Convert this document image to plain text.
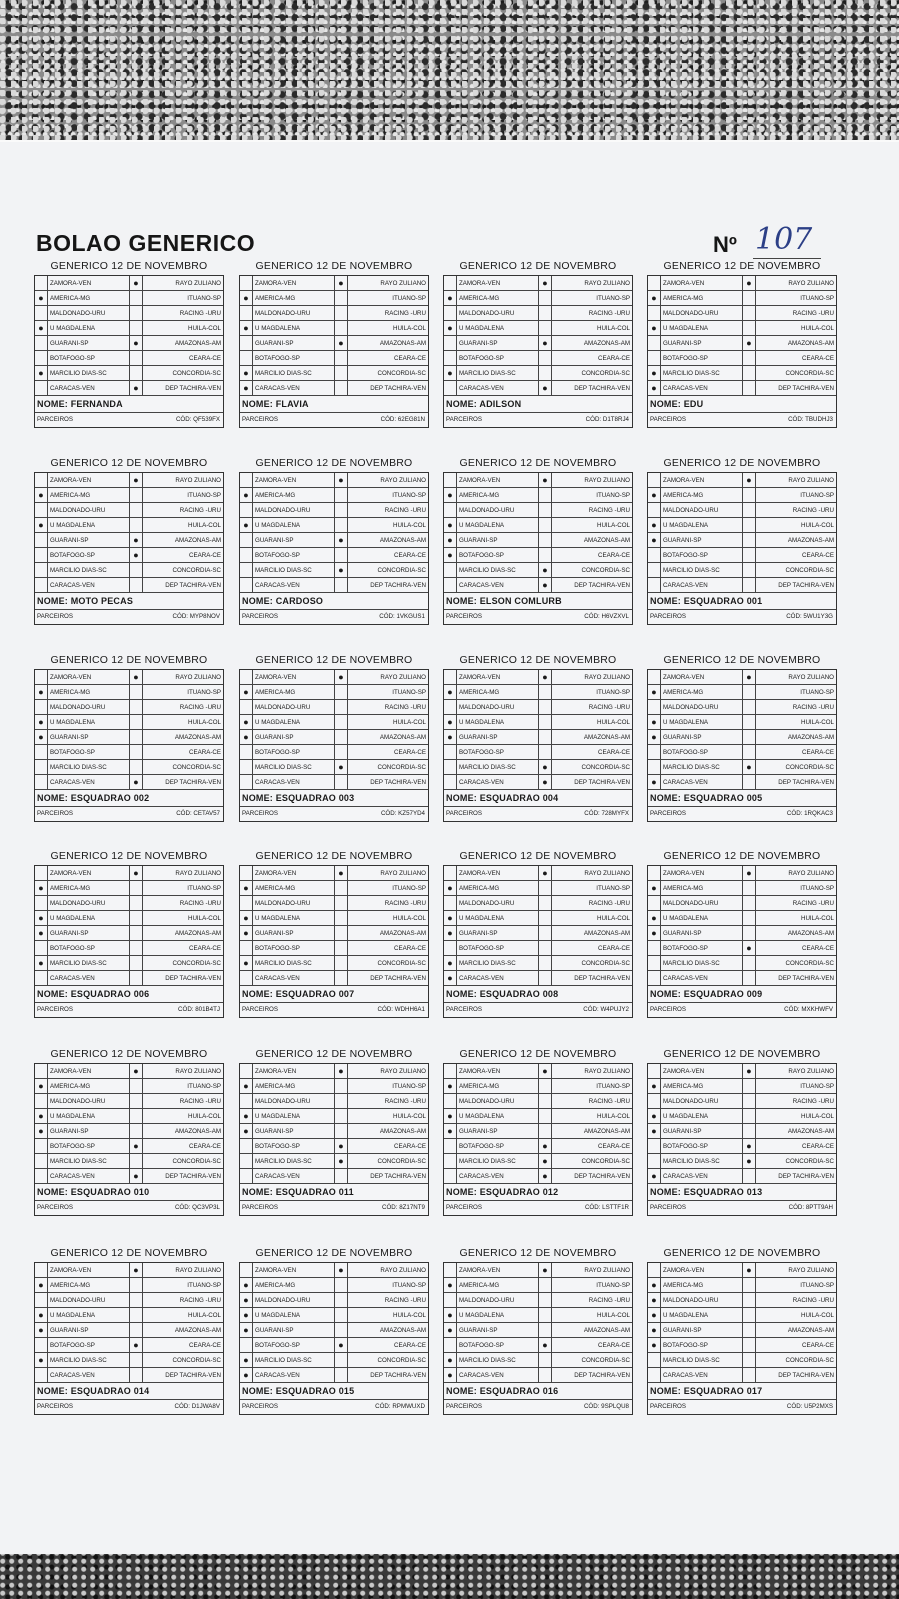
BOLAO GENERICO	Nº 107
GENERICO 12 DE NOVEMBRO
ZAMORA-VEN	●	RAYO ZULIANO
●	AMERICA-MG	ITUANO-SP
MALDONADO-URU	RACING -URU
●	U MAGDALENA	HUILA-COL
GUARANI-SP	●	AMAZONAS-AM
BOTAFOGO-SP	CEARA-CE
●	MARCILIO DIAS-SC	CONCORDIA-SC
CARACAS-VEN	●	DEP TACHIRA-VEN
NOME: FERNANDA
PARCEIROS	CÓD: QF539FX
GENERICO 12 DE NOVEMBRO
ZAMORA-VEN	●	RAYO ZULIANO
●	AMERICA-MG	ITUANO-SP
MALDONADO-URU	RACING -URU
●	U MAGDALENA	HUILA-COL
GUARANI-SP	●	AMAZONAS-AM
BOTAFOGO-SP	CEARA-CE
●	MARCILIO DIAS-SC	CONCORDIA-SC
●	CARACAS-VEN	DEP TACHIRA-VEN
NOME: FLAVIA
PARCEIROS	CÓD: 62EG81N
GENERICO 12 DE NOVEMBRO
ZAMORA-VEN	●	RAYO ZULIANO
●	AMERICA-MG	ITUANO-SP
MALDONADO-URU	RACING -URU
●	U MAGDALENA	HUILA-COL
GUARANI-SP	●	AMAZONAS-AM
BOTAFOGO-SP	CEARA-CE
●	MARCILIO DIAS-SC	CONCORDIA-SC
CARACAS-VEN	●	DEP TACHIRA-VEN
NOME: ADILSON
PARCEIROS	CÓD: D1T8RJ4
GENERICO 12 DE NOVEMBRO
ZAMORA-VEN	●	RAYO ZULIANO
●	AMERICA-MG	ITUANO-SP
MALDONADO-URU	RACING -URU
●	U MAGDALENA	HUILA-COL
GUARANI-SP	●	AMAZONAS-AM
BOTAFOGO-SP	CEARA-CE
●	MARCILIO DIAS-SC	CONCORDIA-SC
●	CARACAS-VEN	DEP TACHIRA-VEN
NOME: EDU
PARCEIROS	CÓD: TBUDHJ3
GENERICO 12 DE NOVEMBRO
ZAMORA-VEN	●	RAYO ZULIANO
●	AMERICA-MG	ITUANO-SP
MALDONADO-URU	RACING -URU
●	U MAGDALENA	HUILA-COL
GUARANI-SP	●	AMAZONAS-AM
BOTAFOGO-SP	●	CEARA-CE
MARCILIO DIAS-SC	CONCORDIA-SC
CARACAS-VEN	DEP TACHIRA-VEN
NOME: MOTO PECAS
PARCEIROS	CÓD: MYP8NOV
GENERICO 12 DE NOVEMBRO
ZAMORA-VEN	●	RAYO ZULIANO
●	AMERICA-MG	ITUANO-SP
MALDONADO-URU	RACING -URU
●	U MAGDALENA	HUILA-COL
GUARANI-SP	●	AMAZONAS-AM
BOTAFOGO-SP	CEARA-CE
MARCILIO DIAS-SC	●	CONCORDIA-SC
CARACAS-VEN	DEP TACHIRA-VEN
NOME: CARDOSO
PARCEIROS	CÓD: 1VKGUS1
GENERICO 12 DE NOVEMBRO
ZAMORA-VEN	●	RAYO ZULIANO
●	AMERICA-MG	ITUANO-SP
MALDONADO-URU	RACING -URU
●	U MAGDALENA	HUILA-COL
●	GUARANI-SP	AMAZONAS-AM
●	BOTAFOGO-SP	CEARA-CE
MARCILIO DIAS-SC	●	CONCORDIA-SC
CARACAS-VEN	●	DEP TACHIRA-VEN
NOME: ELSON COMLURB
PARCEIROS	CÓD: H6VZXVL
GENERICO 12 DE NOVEMBRO
ZAMORA-VEN	●	RAYO ZULIANO
●	AMERICA-MG	ITUANO-SP
MALDONADO-URU	RACING -URU
●	U MAGDALENA	HUILA-COL
●	GUARANI-SP	AMAZONAS-AM
BOTAFOGO-SP	CEARA-CE
MARCILIO DIAS-SC	CONCORDIA-SC
CARACAS-VEN	DEP TACHIRA-VEN
NOME: ESQUADRAO 001
PARCEIROS	CÓD: 5WU1Y3G
GENERICO 12 DE NOVEMBRO
ZAMORA-VEN	●	RAYO ZULIANO
●	AMERICA-MG	ITUANO-SP
MALDONADO-URU	RACING -URU
●	U MAGDALENA	HUILA-COL
●	GUARANI-SP	AMAZONAS-AM
BOTAFOGO-SP	CEARA-CE
MARCILIO DIAS-SC	CONCORDIA-SC
CARACAS-VEN	●	DEP TACHIRA-VEN
NOME: ESQUADRAO 002
PARCEIROS	CÓD: CETAV57
GENERICO 12 DE NOVEMBRO
ZAMORA-VEN	●	RAYO ZULIANO
●	AMERICA-MG	ITUANO-SP
MALDONADO-URU	RACING -URU
●	U MAGDALENA	HUILA-COL
●	GUARANI-SP	AMAZONAS-AM
BOTAFOGO-SP	CEARA-CE
MARCILIO DIAS-SC	●	CONCORDIA-SC
CARACAS-VEN	DEP TACHIRA-VEN
NOME: ESQUADRAO 003
PARCEIROS	CÓD: KZ57YD4
GENERICO 12 DE NOVEMBRO
ZAMORA-VEN	●	RAYO ZULIANO
●	AMERICA-MG	ITUANO-SP
MALDONADO-URU	RACING -URU
●	U MAGDALENA	HUILA-COL
●	GUARANI-SP	AMAZONAS-AM
BOTAFOGO-SP	CEARA-CE
MARCILIO DIAS-SC	●	CONCORDIA-SC
CARACAS-VEN	●	DEP TACHIRA-VEN
NOME: ESQUADRAO 004
PARCEIROS	CÓD: 728MYFX
GENERICO 12 DE NOVEMBRO
ZAMORA-VEN	●	RAYO ZULIANO
●	AMERICA-MG	ITUANO-SP
MALDONADO-URU	RACING -URU
●	U MAGDALENA	HUILA-COL
●	GUARANI-SP	AMAZONAS-AM
BOTAFOGO-SP	CEARA-CE
MARCILIO DIAS-SC	●	CONCORDIA-SC
●	CARACAS-VEN	DEP TACHIRA-VEN
NOME: ESQUADRAO 005
PARCEIROS	CÓD: 1RQKAC3
GENERICO 12 DE NOVEMBRO
ZAMORA-VEN	●	RAYO ZULIANO
●	AMERICA-MG	ITUANO-SP
MALDONADO-URU	RACING -URU
●	U MAGDALENA	HUILA-COL
●	GUARANI-SP	AMAZONAS-AM
BOTAFOGO-SP	CEARA-CE
●	MARCILIO DIAS-SC	CONCORDIA-SC
CARACAS-VEN	DEP TACHIRA-VEN
NOME: ESQUADRAO 006
PARCEIROS	CÓD: 801B4TJ
GENERICO 12 DE NOVEMBRO
ZAMORA-VEN	●	RAYO ZULIANO
●	AMERICA-MG	ITUANO-SP
MALDONADO-URU	RACING -URU
●	U MAGDALENA	HUILA-COL
●	GUARANI-SP	AMAZONAS-AM
BOTAFOGO-SP	CEARA-CE
●	MARCILIO DIAS-SC	CONCORDIA-SC
CARACAS-VEN	DEP TACHIRA-VEN
NOME: ESQUADRAO 007
PARCEIROS	CÓD: WDHH6A1
GENERICO 12 DE NOVEMBRO
ZAMORA-VEN	●	RAYO ZULIANO
●	AMERICA-MG	ITUANO-SP
MALDONADO-URU	RACING -URU
●	U MAGDALENA	HUILA-COL
●	GUARANI-SP	AMAZONAS-AM
BOTAFOGO-SP	CEARA-CE
●	MARCILIO DIAS-SC	CONCORDIA-SC
●	CARACAS-VEN	DEP TACHIRA-VEN
NOME: ESQUADRAO 008
PARCEIROS	CÓD: W4PUJY2
GENERICO 12 DE NOVEMBRO
ZAMORA-VEN	●	RAYO ZULIANO
●	AMERICA-MG	ITUANO-SP
MALDONADO-URU	RACING -URU
●	U MAGDALENA	HUILA-COL
●	GUARANI-SP	AMAZONAS-AM
BOTAFOGO-SP	●	CEARA-CE
MARCILIO DIAS-SC	CONCORDIA-SC
CARACAS-VEN	DEP TACHIRA-VEN
NOME: ESQUADRAO 009
PARCEIROS	CÓD: MXKHWFV
GENERICO 12 DE NOVEMBRO
ZAMORA-VEN	●	RAYO ZULIANO
●	AMERICA-MG	ITUANO-SP
MALDONADO-URU	RACING -URU
●	U MAGDALENA	HUILA-COL
●	GUARANI-SP	AMAZONAS-AM
BOTAFOGO-SP	●	CEARA-CE
MARCILIO DIAS-SC	CONCORDIA-SC
CARACAS-VEN	●	DEP TACHIRA-VEN
NOME: ESQUADRAO 010
PARCEIROS	CÓD: QC3VP3L
GENERICO 12 DE NOVEMBRO
ZAMORA-VEN	●	RAYO ZULIANO
●	AMERICA-MG	ITUANO-SP
MALDONADO-URU	RACING -URU
●	U MAGDALENA	HUILA-COL
●	GUARANI-SP	AMAZONAS-AM
BOTAFOGO-SP	●	CEARA-CE
MARCILIO DIAS-SC	●	CONCORDIA-SC
CARACAS-VEN	DEP TACHIRA-VEN
NOME: ESQUADRAO 011
PARCEIROS	CÓD: 8Z17NT9
GENERICO 12 DE NOVEMBRO
ZAMORA-VEN	●	RAYO ZULIANO
●	AMERICA-MG	ITUANO-SP
MALDONADO-URU	RACING -URU
●	U MAGDALENA	HUILA-COL
●	GUARANI-SP	AMAZONAS-AM
BOTAFOGO-SP	●	CEARA-CE
MARCILIO DIAS-SC	●	CONCORDIA-SC
CARACAS-VEN	●	DEP TACHIRA-VEN
NOME: ESQUADRAO 012
PARCEIROS	CÓD: LSTTF1R
GENERICO 12 DE NOVEMBRO
ZAMORA-VEN	●	RAYO ZULIANO
●	AMERICA-MG	ITUANO-SP
MALDONADO-URU	RACING -URU
●	U MAGDALENA	HUILA-COL
●	GUARANI-SP	AMAZONAS-AM
BOTAFOGO-SP	●	CEARA-CE
MARCILIO DIAS-SC	●	CONCORDIA-SC
●	CARACAS-VEN	DEP TACHIRA-VEN
NOME: ESQUADRAO 013
PARCEIROS	CÓD: 8PTT9AH
GENERICO 12 DE NOVEMBRO
ZAMORA-VEN	●	RAYO ZULIANO
●	AMERICA-MG	ITUANO-SP
MALDONADO-URU	RACING -URU
●	U MAGDALENA	HUILA-COL
●	GUARANI-SP	AMAZONAS-AM
BOTAFOGO-SP	●	CEARA-CE
●	MARCILIO DIAS-SC	CONCORDIA-SC
CARACAS-VEN	DEP TACHIRA-VEN
NOME: ESQUADRAO 014
PARCEIROS	CÓD: D1JWA8V
GENERICO 12 DE NOVEMBRO
ZAMORA-VEN	●	RAYO ZULIANO
●	AMERICA-MG	ITUANO-SP
●	MALDONADO-URU	RACING -URU
●	U MAGDALENA	HUILA-COL
●	GUARANI-SP	AMAZONAS-AM
BOTAFOGO-SP	●	CEARA-CE
●	MARCILIO DIAS-SC	CONCORDIA-SC
●	CARACAS-VEN	DEP TACHIRA-VEN
NOME: ESQUADRAO 015
PARCEIROS	CÓD: RPMWUXD
GENERICO 12 DE NOVEMBRO
ZAMORA-VEN	●	RAYO ZULIANO
●	AMERICA-MG	ITUANO-SP
MALDONADO-URU	RACING -URU
●	U MAGDALENA	HUILA-COL
●	GUARANI-SP	AMAZONAS-AM
BOTAFOGO-SP	●	CEARA-CE
●	MARCILIO DIAS-SC	CONCORDIA-SC
●	CARACAS-VEN	DEP TACHIRA-VEN
NOME: ESQUADRAO 016
PARCEIROS	CÓD: 9SPLQU8
GENERICO 12 DE NOVEMBRO
ZAMORA-VEN	●	RAYO ZULIANO
●	AMERICA-MG	ITUANO-SP
●	MALDONADO-URU	RACING -URU
●	U MAGDALENA	HUILA-COL
●	GUARANI-SP	AMAZONAS-AM
●	BOTAFOGO-SP	CEARA-CE
MARCILIO DIAS-SC	CONCORDIA-SC
CARACAS-VEN	DEP TACHIRA-VEN
NOME: ESQUADRAO 017
PARCEIROS	CÓD: U5P2MXS
